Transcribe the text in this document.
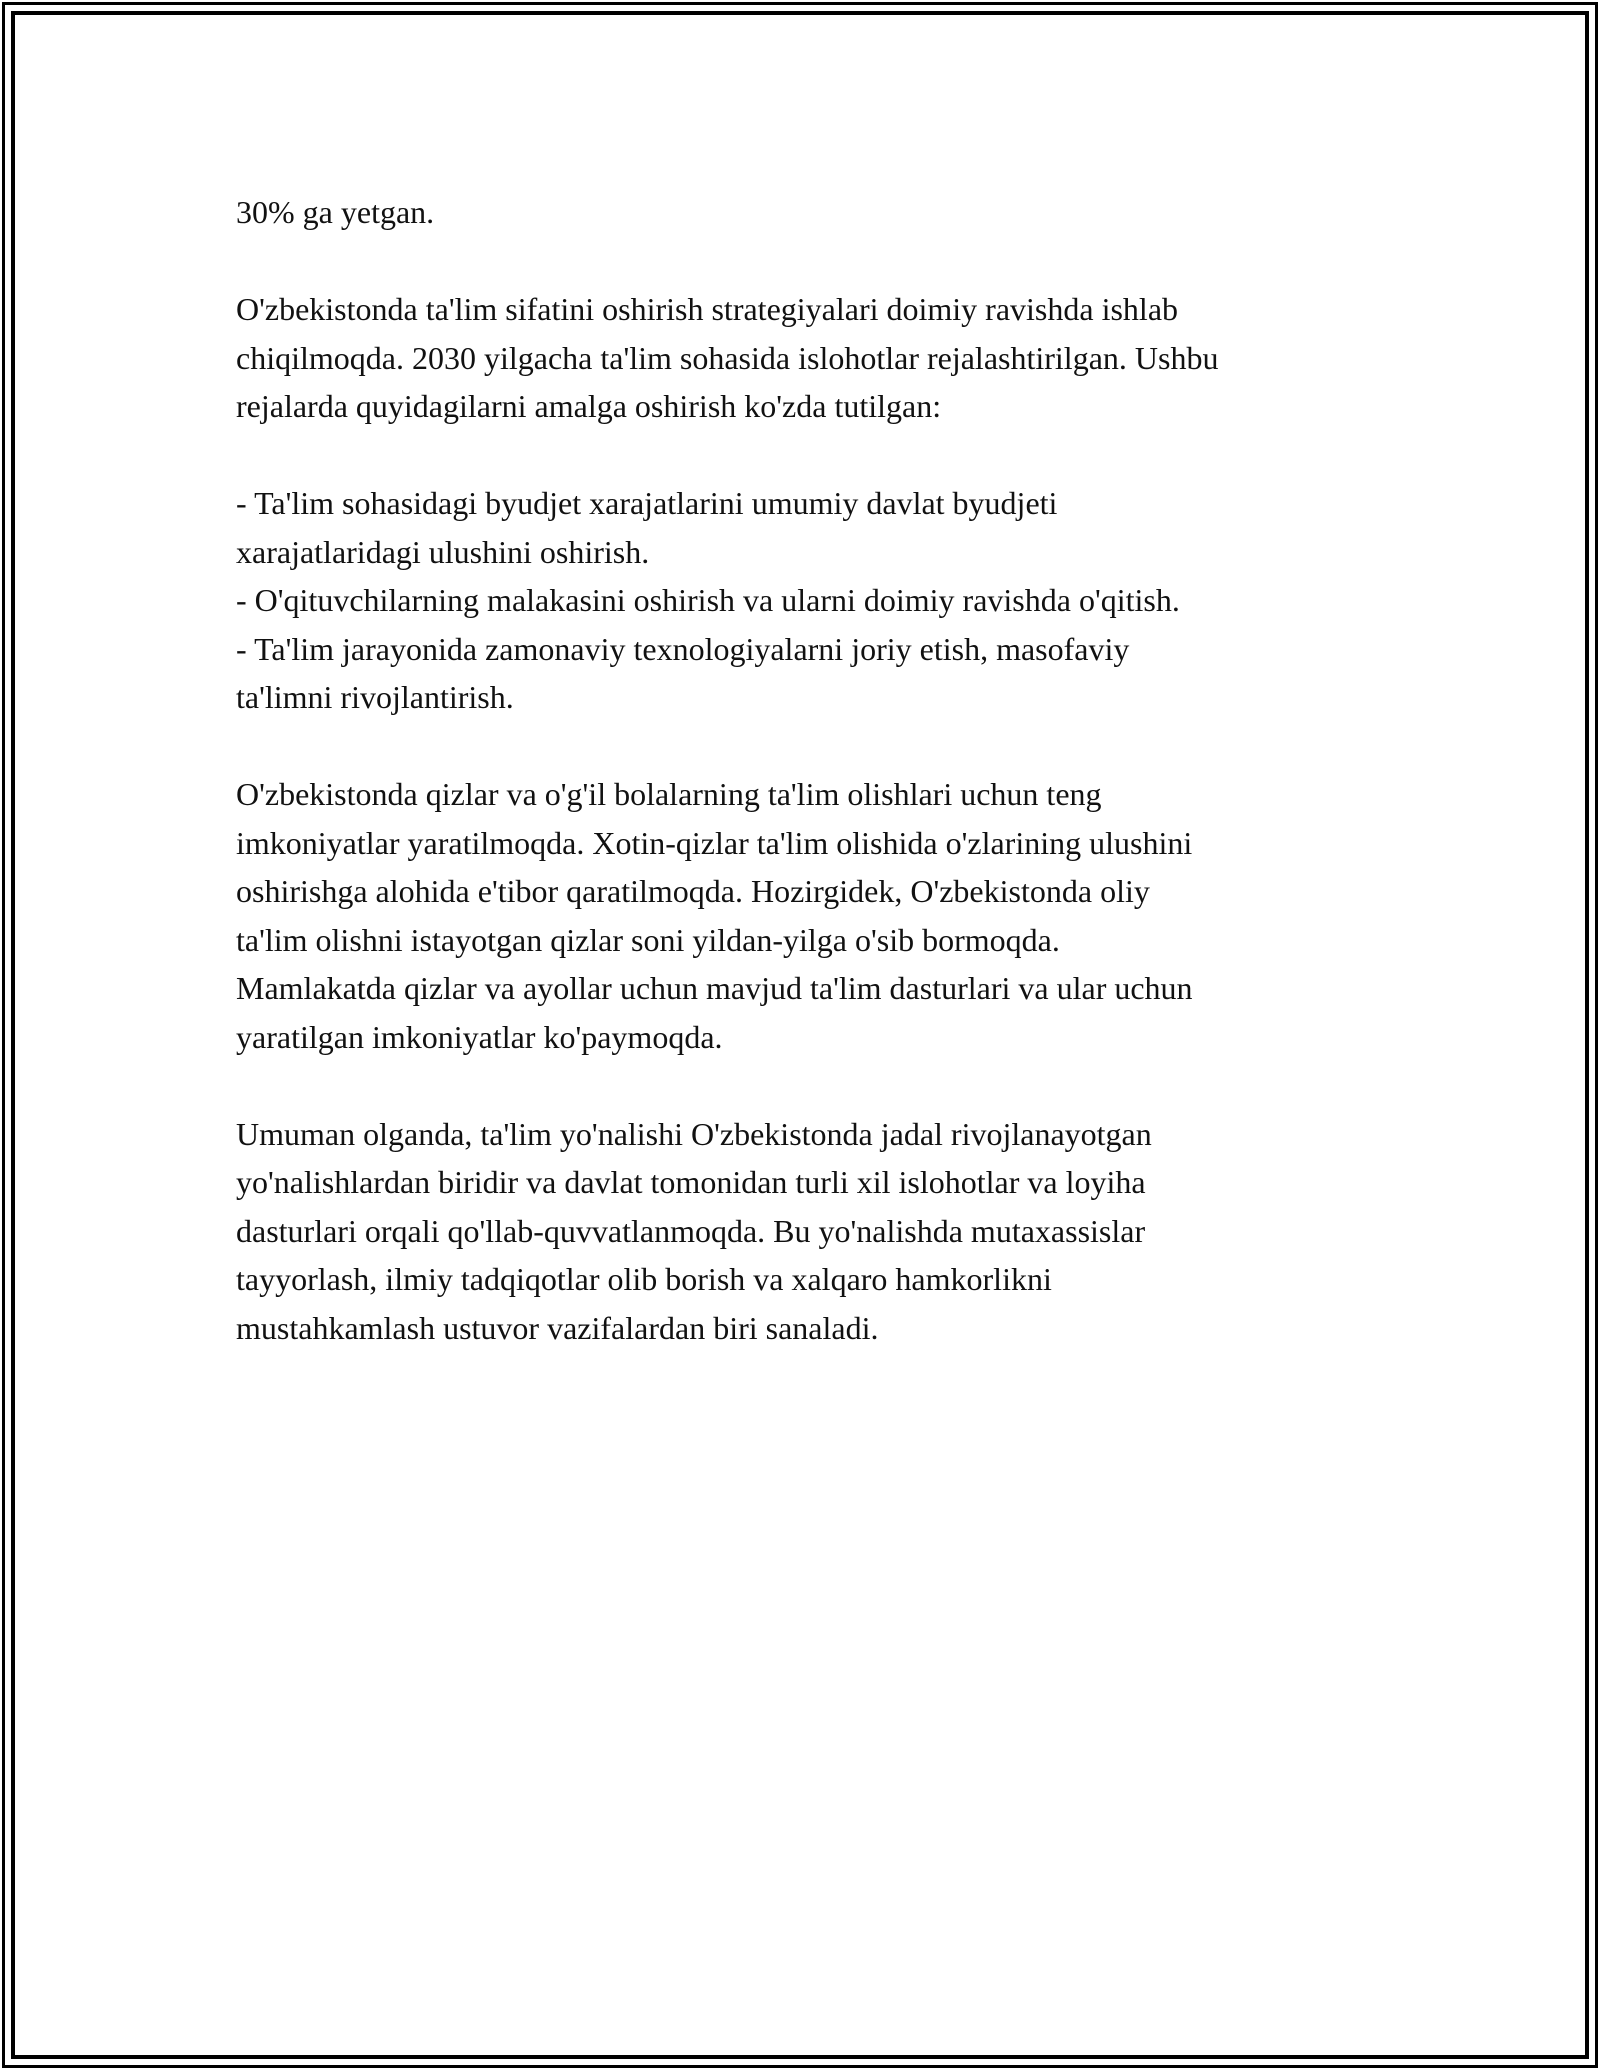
30% ga yetgan.

O'zbekistonda ta'lim sifatini oshirish strategiyalari doimiy ravishda ishlab

chiqilmoqda. 2030 yilgacha ta'lim sohasida islohotlar rejalashtirilgan. Ushbu

rejalarda quyidagilarni amalga oshirish ko'zda tutilgan:

- Ta'lim sohasidagi byudjet xarajatlarini umumiy davlat byudjeti

xarajatlaridagi ulushini oshirish.

- O'qituvchilarning malakasini oshirish va ularni doimiy ravishda o'qitish.

- Ta'lim jarayonida zamonaviy texnologiyalarni joriy etish, masofaviy

ta'limni rivojlantirish.

O'zbekistonda qizlar va o'g'il bolalarning ta'lim olishlari uchun teng

imkoniyatlar yaratilmoqda. Xotin-qizlar ta'lim olishida o'zlarining ulushini

oshirishga alohida e'tibor qaratilmoqda. Hozirgidek, O'zbekistonda oliy

ta'lim olishni istayotgan qizlar soni yildan-yilga o'sib bormoqda.

Mamlakatda qizlar va ayollar uchun mavjud ta'lim dasturlari va ular uchun

yaratilgan imkoniyatlar ko'paymoqda.

Umuman olganda, ta'lim yo'nalishi O'zbekistonda jadal rivojlanayotgan

yo'nalishlardan biridir va davlat tomonidan turli xil islohotlar va loyiha

dasturlari orqali qo'llab-quvvatlanmoqda. Bu yo'nalishda mutaxassislar

tayyorlash, ilmiy tadqiqotlar olib borish va xalqaro hamkorlikni

mustahkamlash ustuvor vazifalardan biri sanaladi.
